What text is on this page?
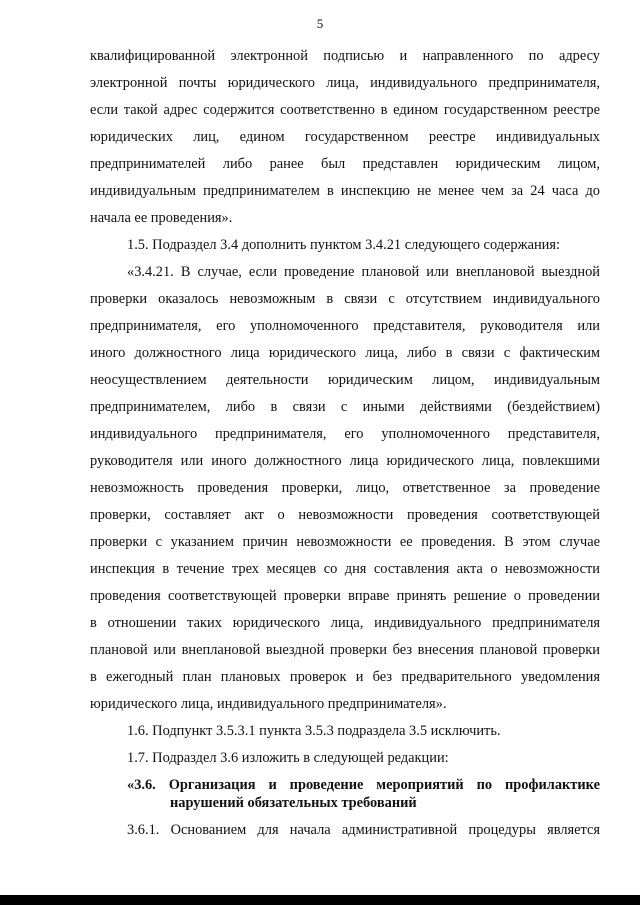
5
квалифицированной электронной подписью и направленного по адресу
электронной почты юридического лица, индивидуального предпринимателя,
если такой адрес содержится соответственно в едином государственном реестре
юридических лиц, едином государственном реестре индивидуальных
предпринимателей либо ранее был представлен юридическим лицом,
индивидуальным предпринимателем в инспекцию не менее чем за 24 часа до
начала ее проведения».
1.5. Подраздел 3.4 дополнить пунктом 3.4.21 следующего содержания:
«3.4.21. В случае, если проведение плановой или внеплановой выездной
проверки оказалось невозможным в связи с отсутствием индивидуального
предпринимателя, его уполномоченного представителя, руководителя или
иного должностного лица юридического лица, либо в связи с фактическим
неосуществлением деятельности юридическим лицом, индивидуальным
предпринимателем, либо в связи с иными действиями (бездействием)
индивидуального предпринимателя, его уполномоченного представителя,
руководителя или иного должностного лица юридического лица, повлекшими
невозможность проведения проверки, лицо, ответственное за проведение
проверки, составляет акт о невозможности проведения соответствующей
проверки с указанием причин невозможности ее проведения. В этом случае
инспекция в течение трех месяцев со дня составления акта о невозможности
проведения соответствующей проверки вправе принять решение о проведении
в отношении таких юридического лица, индивидуального предпринимателя
плановой или внеплановой выездной проверки без внесения плановой проверки
в ежегодный план плановых проверок и без предварительного уведомления
юридического лица, индивидуального предпринимателя».
1.6. Подпункт 3.5.3.1 пункта 3.5.3 подраздела 3.5 исключить.
1.7. Подраздел 3.6 изложить в следующей редакции:
«3.6. Организация и проведение мероприятий по профилактике
нарушений обязательных требований
3.6.1. Основанием для начала административной процедуры является
